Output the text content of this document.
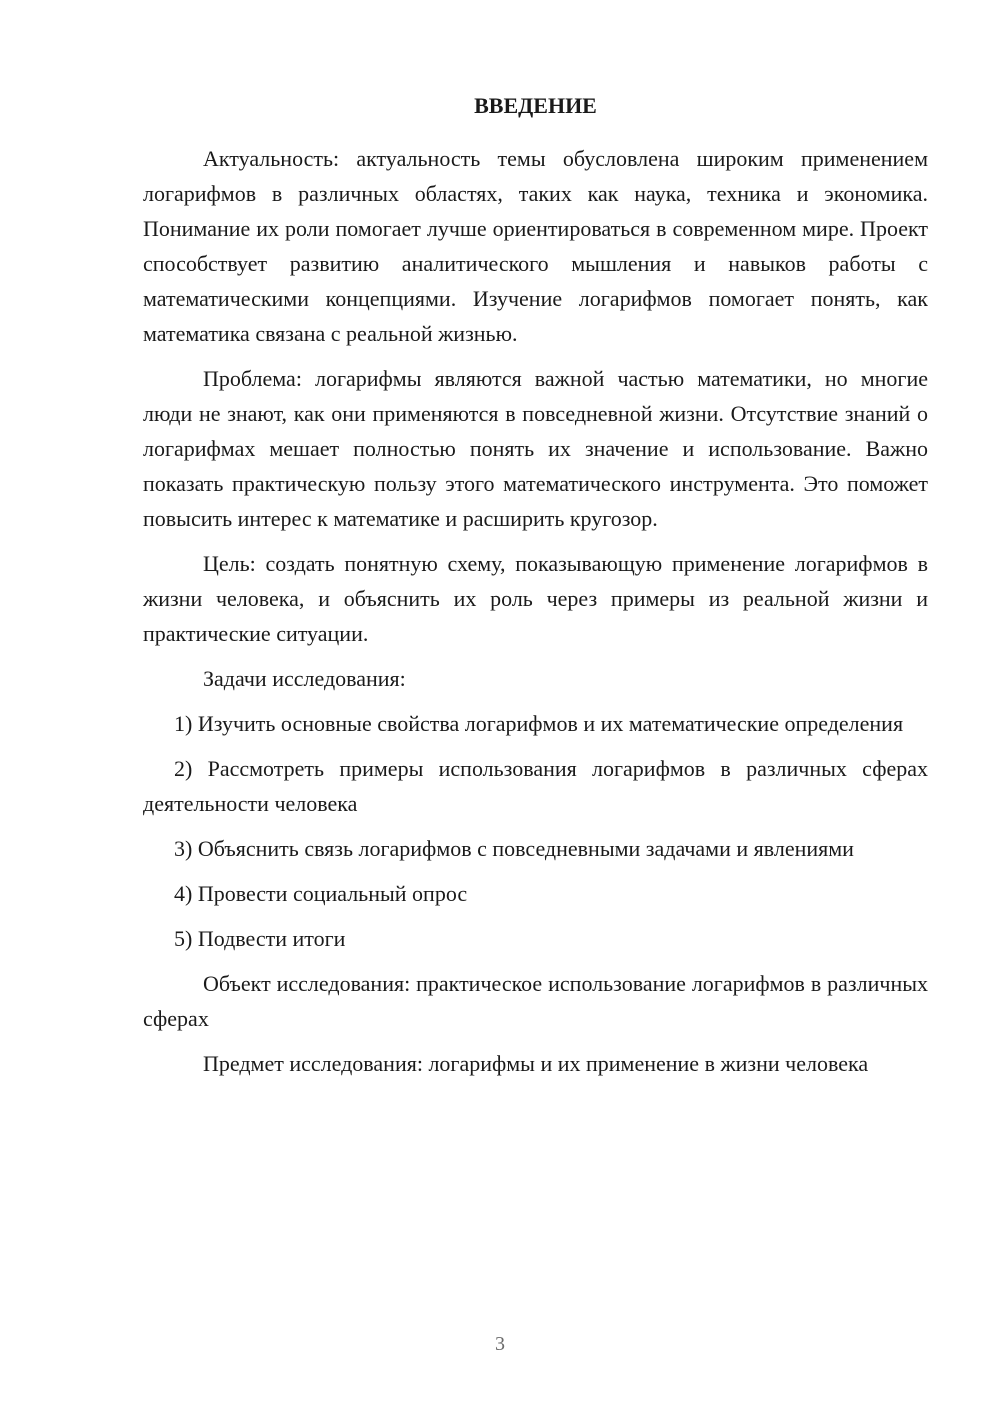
ВВЕДЕНИЕ

Актуальность: актуальность темы обусловлена широким применением логарифмов в различных областях, таких как наука, техника и экономика. Понимание их роли помогает лучше ориентироваться в современном мире. Проект способствует развитию аналитического мышления и навыков работы с математическими концепциями. Изучение логарифмов помогает понять, как математика связана с реальной жизнью.

Проблема: логарифмы являются важной частью математики, но многие люди не знают, как они применяются в повседневной жизни. Отсутствие знаний о логарифмах мешает полностью понять их значение и использование. Важно показать практическую пользу этого математического инструмента. Это поможет повысить интерес к математике и расширить кругозор.

Цель: создать понятную схему, показывающую применение логарифмов в жизни человека, и объяснить их роль через примеры из реальной жизни и практические ситуации.

Задачи исследования:

1) Изучить основные свойства логарифмов и их математические определения

2) Рассмотреть примеры использования логарифмов в различных сферах деятельности человека

3) Объяснить связь логарифмов с повседневными задачами и явлениями

4) Провести социальный опрос

5) Подвести итоги

Объект исследования: практическое использование логарифмов в различных сферах

Предмет исследования: логарифмы и их применение в жизни человека

3
